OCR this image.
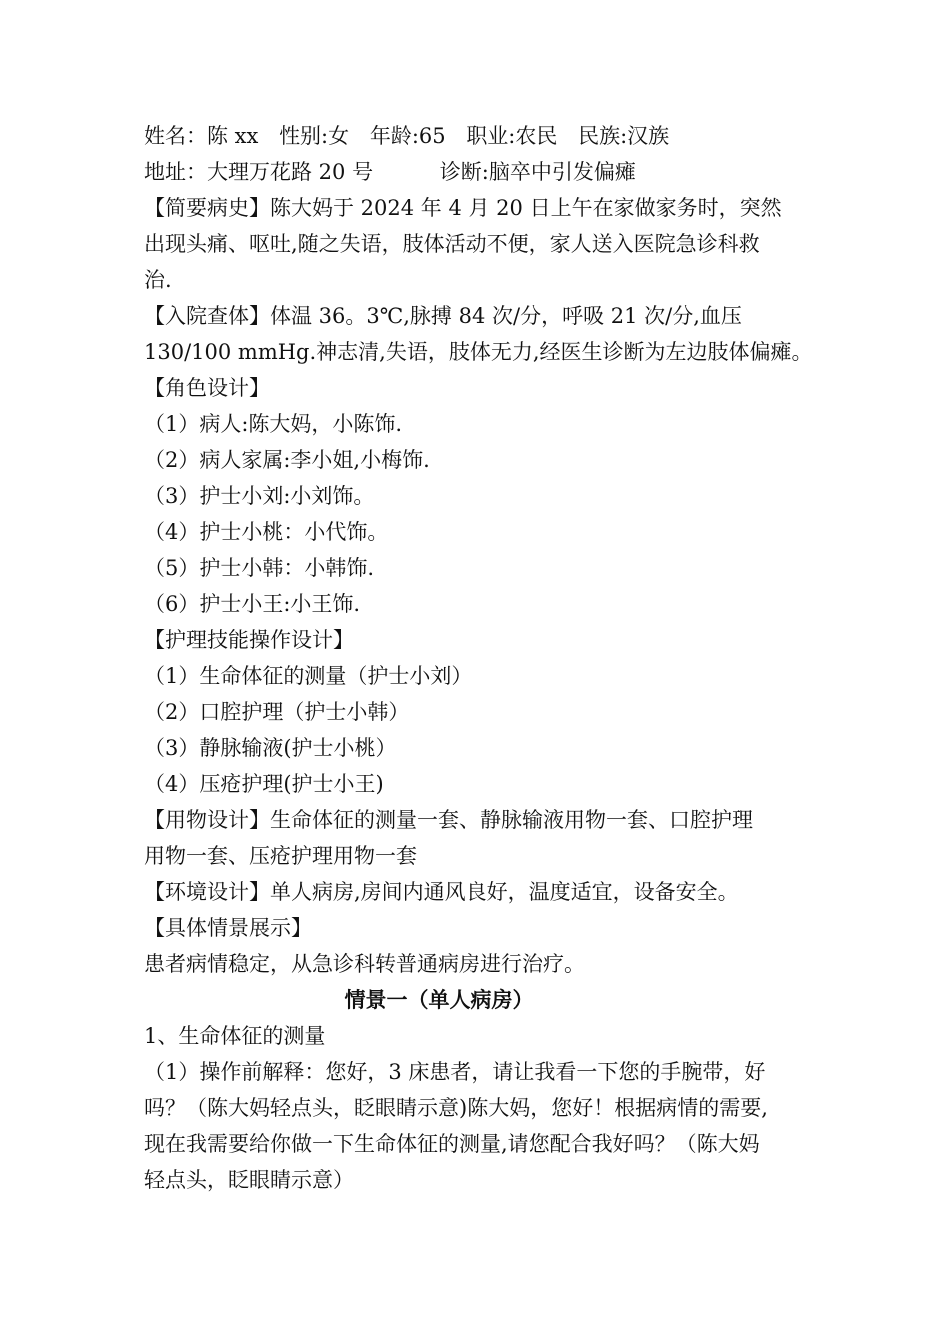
姓名：陈 xx 性别:女 年龄:65 职业:农民 民族:汉族

地址：大理万花路 20 号	诊断:脑卒中引发偏瘫

【简要病史】陈大妈于 2024 年 4 月 20 日上午在家做家务时，突然

出现头痛、呕吐,随之失语，肢体活动不便，家人送入医院急诊科救

治.

【入院查体】体温 36。3℃,脉搏 84 次/分，呼吸 21 次/分,血压

130/100 mmHg.神志清,失语，肢体无力,经医生诊断为左边肢体偏瘫。

【角色设计】

（1）病人:陈大妈，小陈饰.

（2）病人家属:李小姐,小梅饰.

（3）护士小刘:小刘饰。

（4）护士小桃：小代饰。

（5）护士小韩：小韩饰.

（6）护士小王:小王饰.

【护理技能操作设计】

（1）生命体征的测量（护士小刘）

（2）口腔护理（护士小韩）

（3）静脉输液(护士小桃）

（4）压疮护理(护士小王)

【用物设计】生命体征的测量一套、静脉输液用物一套、口腔护理

用物一套、压疮护理用物一套

【环境设计】单人病房,房间内通风良好，温度适宜，设备安全。

【具体情景展示】

患者病情稳定，从急诊科转普通病房进行治疗。

情景一（单人病房）

1、生命体征的测量

（1）操作前解释：您好，3 床患者，请让我看一下您的手腕带，好

吗？（陈大妈轻点头，眨眼睛示意)陈大妈，您好！根据病情的需要,

现在我需要给你做一下生命体征的测量,请您配合我好吗？（陈大妈

轻点头，眨眼睛示意）
